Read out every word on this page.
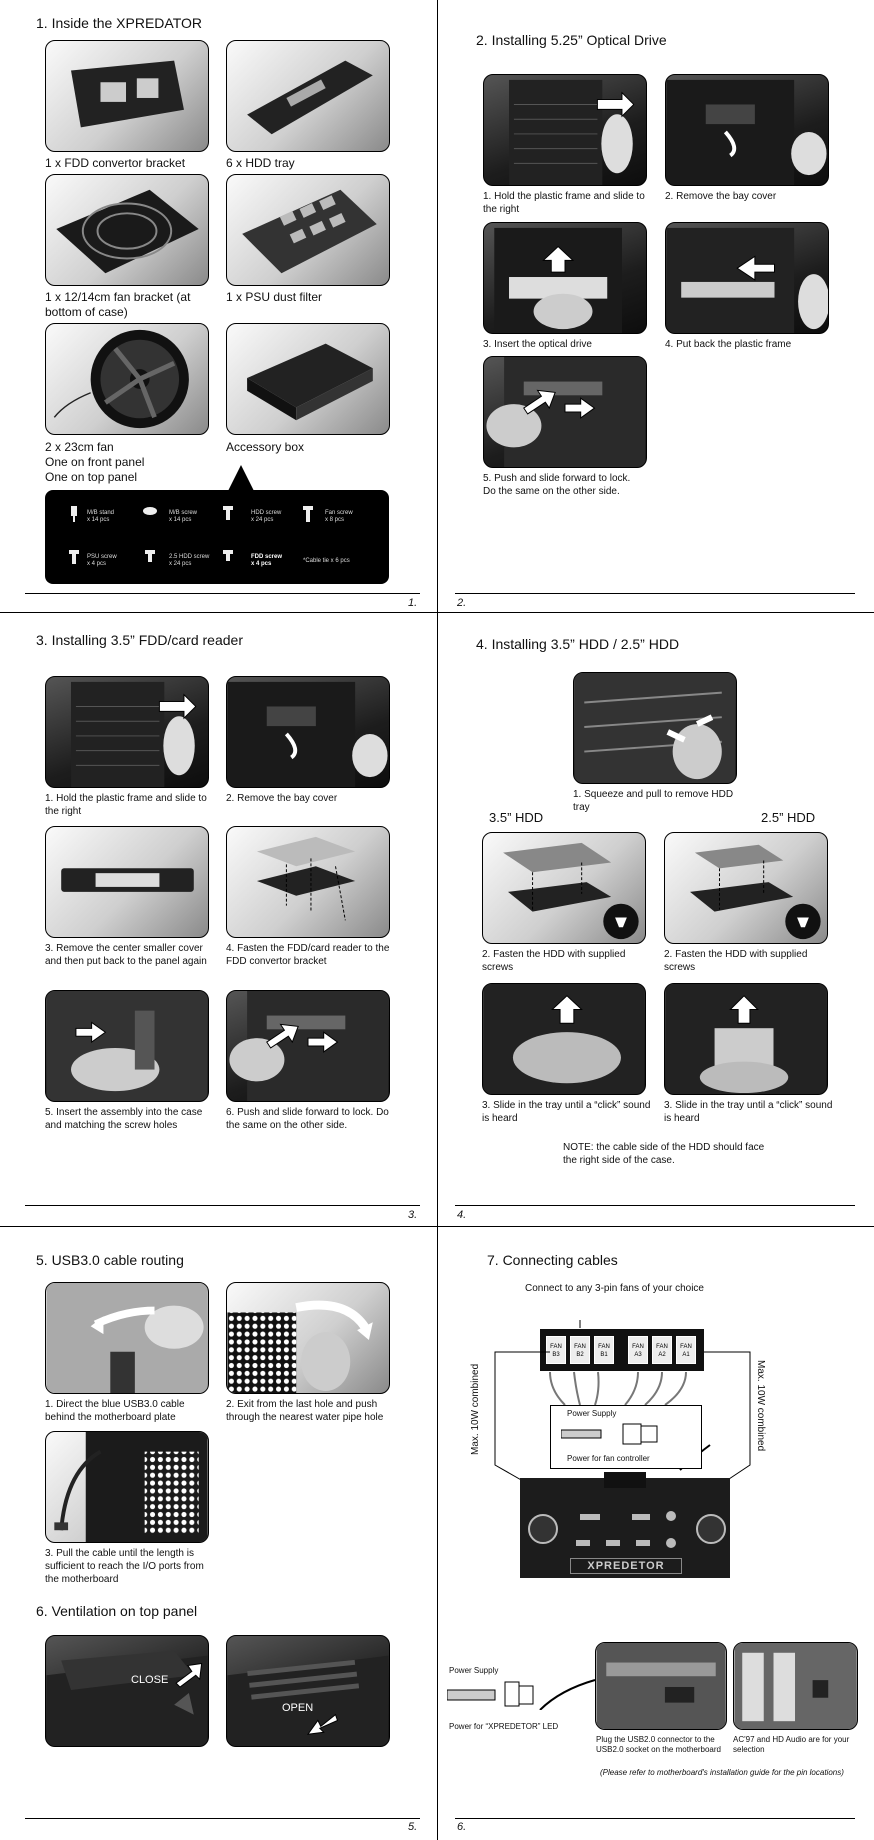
1. Inside the XPREDATOR
1 x FDD convertor bracket	6 x HDD tray
1 x 12/14cm fan bracket (at bottom of case)
1 x PSU dust filter
2 x 23cm fan
One on front panel
One on top panel
Accessory box
M/B stand
x 14 pcs
M/B screw
x 14 pcs
HDD screw
x 24 pcs
Fan screw
x 8 pcs
PSU screw
x 4 pcs
2.5 HDD screw
x 24 pcs
FDD screw
x 4 pcs	*Cable tie x 6 pcs
1.
2. Installing 5.25” Optical Drive
1. Hold the plastic frame and slide to the right
2. Remove the bay cover
3. Insert the optical drive	4. Put back the plastic frame
5. Push and slide forward to lock.
Do the same on the other side.
2.
3. Installing 3.5” FDD/card reader
1. Hold the plastic frame and slide to the right
2. Remove the bay cover
3. Remove the center smaller cover and then put back to the panel again
4. Fasten the FDD/card reader to the FDD convertor bracket
5. Insert the assembly into the case and matching the screw holes
6. Push and slide forward to lock. Do the same on the other side.
3.
4. Installing 3.5” HDD / 2.5” HDD
1. Squeeze and pull to remove HDD tray
3.5” HDD	2.5” HDD
2. Fasten the HDD with supplied screws
2. Fasten the HDD with supplied screws
3. Slide in the tray until a “click” sound is heard
3. Slide in the tray until a “click” sound is heard
NOTE: the cable side of the HDD should face the right side of the case.
4.
5. USB3.0 cable routing
1. Direct the blue USB3.0 cable behind the motherboard plate
2. Exit from the last hole and push through the nearest water pipe hole
3. Pull the cable until the length is sufficient to reach the I/O ports from the motherboard
6. Ventilation on top panel
CLOSE
OPEN
5.
7. Connecting cables
Connect to any 3-pin fans of your choice
FAN B3
FAN B2
FAN B1
FAN A3
FAN A2
FAN A1
Max. 10W combined	Max. 10W combined
Power Supply
Power for fan controller
XPREDETOR
Power Supply
Power for “XPREDETOR” LED
Plug the USB2.0 connector to the USB2.0 socket on the motherboard
AC'97 and HD Audio are for your selection
(Please refer to motherboard's installation guide for the pin locations)
6.
